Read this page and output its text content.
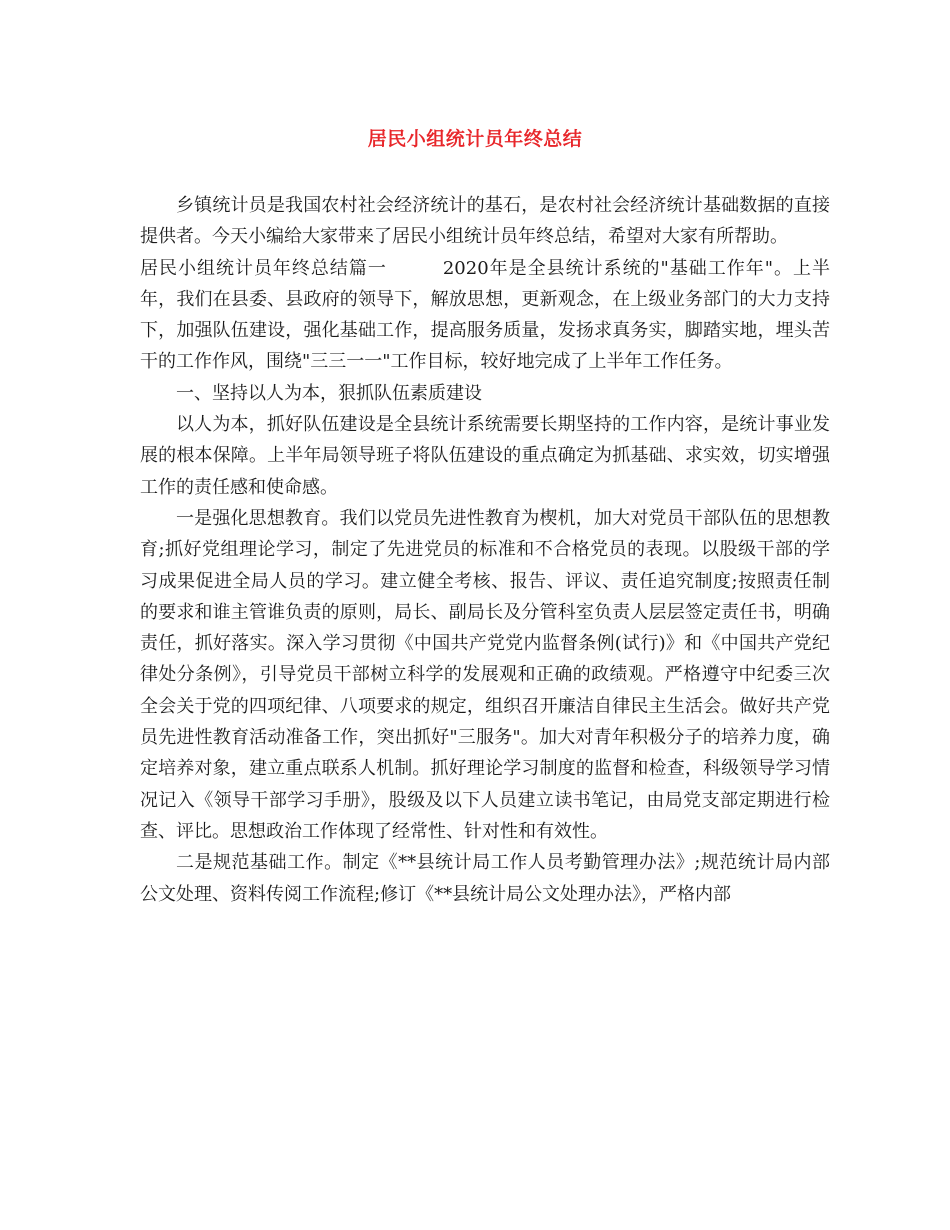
居民小组统计员年终总结

乡镇统计员是我国农村社会经济统计的基石，是农村社会经济统计基础数据的直接提供者。今天小编给大家带来了居民小组统计员年终总结，希望对大家有所帮助。

居民小组统计员年终总结篇一	2020年是全县统计系统的"基础工作年"。上半年，我们在县委、县政府的领导下，解放思想，更新观念，在上级业务部门的大力支持下，加强队伍建设，强化基础工作，提高服务质量，发扬求真务实，脚踏实地，埋头苦干的工作作风，围绕"三三一一"工作目标，较好地完成了上半年工作任务。

一、坚持以人为本，狠抓队伍素质建设

以人为本，抓好队伍建设是全县统计系统需要长期坚持的工作内容，是统计事业发展的根本保障。上半年局领导班子将队伍建设的重点确定为抓基础、求实效，切实增强工作的责任感和使命感。

一是强化思想教育。我们以党员先进性教育为楔机，加大对党员干部队伍的思想教育;抓好党组理论学习，制定了先进党员的标准和不合格党员的表现。以股级干部的学习成果促进全局人员的学习。建立健全考核、报告、评议、责任追究制度;按照责任制的要求和谁主管谁负责的原则，局长、副局长及分管科室负责人层层签定责任书，明确责任，抓好落实。深入学习贯彻《中国共产党党内监督条例(试行)》和《中国共产党纪律处分条例》，引导党员干部树立科学的发展观和正确的政绩观。严格遵守中纪委三次全会关于党的四项纪律、八项要求的规定，组织召开廉洁自律民主生活会。做好共产党员先进性教育活动准备工作，突出抓好"三服务"。加大对青年积极分子的培养力度，确定培养对象，建立重点联系人机制。抓好理论学习制度的监督和检查，科级领导学习情况记入《领导干部学习手册》，股级及以下人员建立读书笔记，由局党支部定期进行检查、评比。思想政治工作体现了经常性、针对性和有效性。

二是规范基础工作。制定《**县统计局工作人员考勤管理办法》;规范统计局内部公文处理、资料传阅工作流程;修订《**县统计局公文处理办法》，严格内部
